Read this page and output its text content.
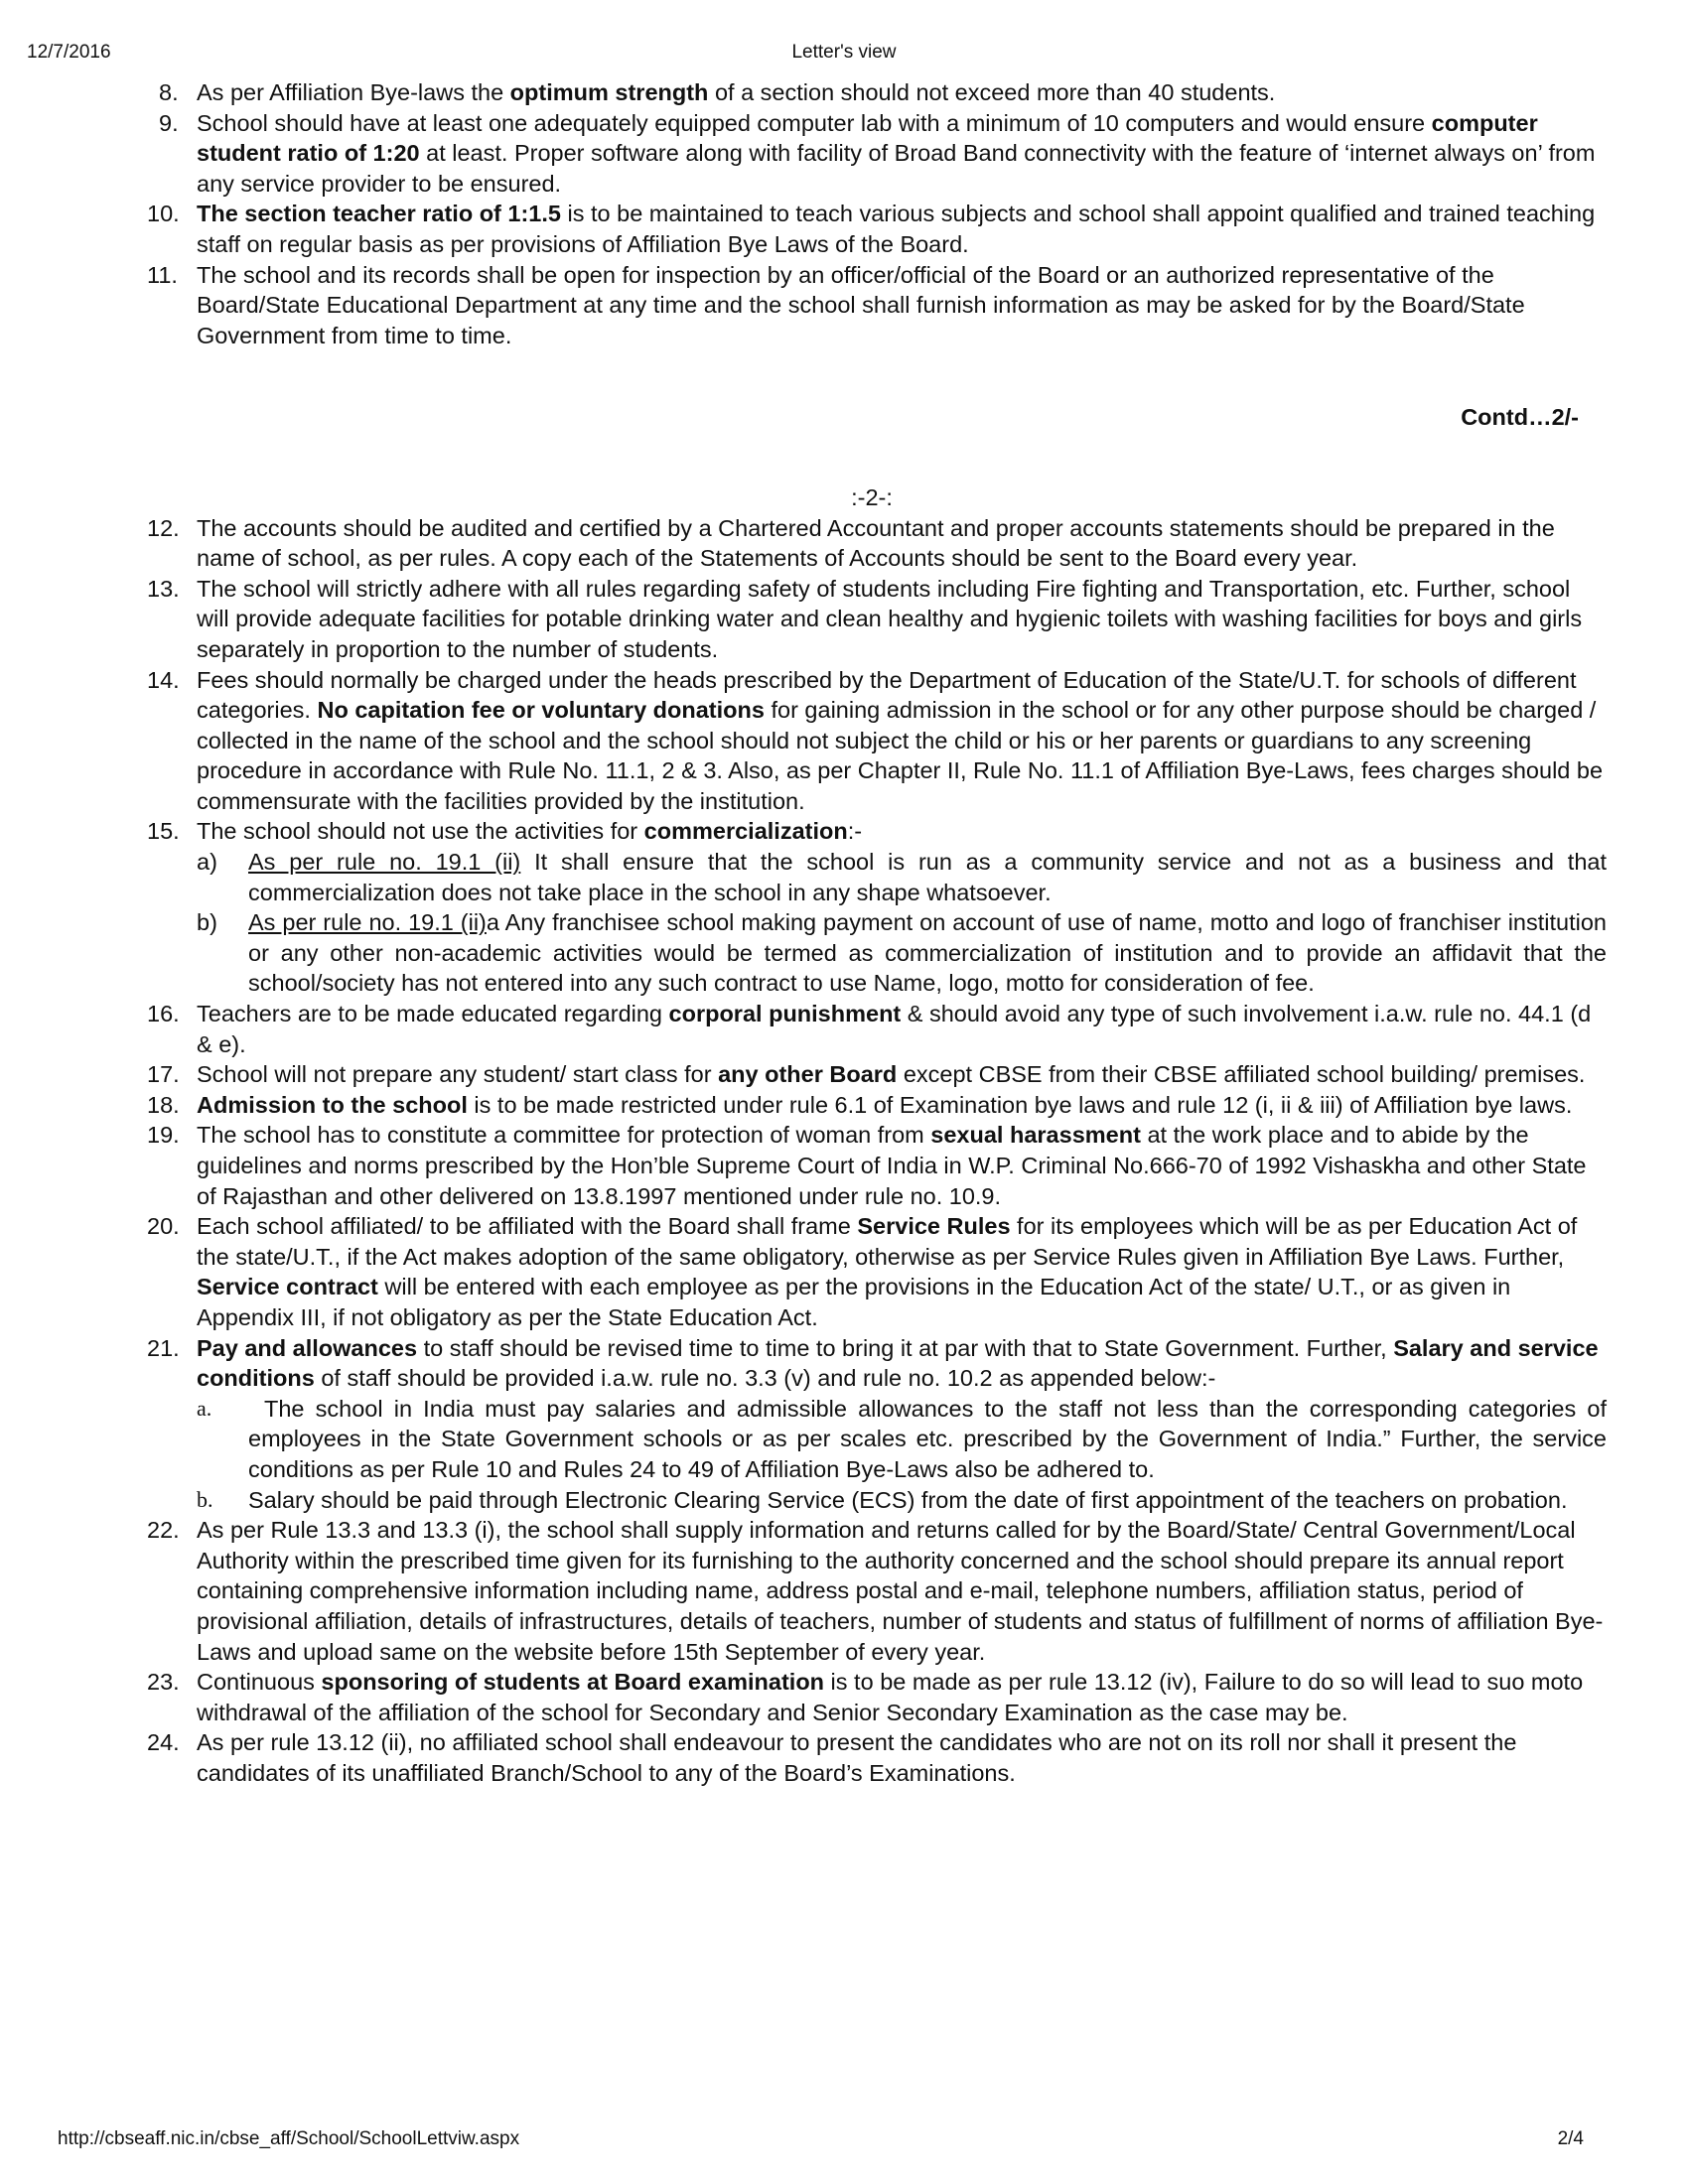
12/7/2016	Letter's view
8. As per Affiliation Bye-laws the optimum strength of a section should not exceed more than 40 students.
9. School should have at least one adequately equipped computer lab with a minimum of 10 computers and would ensure computer student ratio of 1:20 at least. Proper software along with facility of Broad Band connectivity with the feature of ‘internet always on’ from any service provider to be ensured.
10. The section teacher ratio of 1:1.5 is to be maintained to teach various subjects and school shall appoint qualified and trained teaching staff on regular basis as per provisions of Affiliation Bye Laws of the Board.
11. The school and its records shall be open for inspection by an officer/official of the Board or an authorized representative of the Board/State Educational Department at any time and the school shall furnish information as may be asked for by the Board/State Government from time to time.
Contd…2/-
:-2-:
12. The accounts should be audited and certified by a Chartered Accountant and proper accounts statements should be prepared in the name of school, as per rules. A copy each of the Statements of Accounts should be sent to the Board every year.
13. The school will strictly adhere with all rules regarding safety of students including Fire fighting and Transportation, etc. Further, school will provide adequate facilities for potable drinking water and clean healthy and hygienic toilets with washing facilities for boys and girls separately in proportion to the number of students.
14. Fees should normally be charged under the heads prescribed by the Department of Education of the State/U.T. for schools of different categories. No capitation fee or voluntary donations for gaining admission in the school or for any other purpose should be charged / collected in the name of the school and the school should not subject the child or his or her parents or guardians to any screening procedure in accordance with Rule No. 11.1, 2 & 3. Also, as per Chapter II, Rule No. 11.1 of Affiliation Bye-Laws, fees charges should be commensurate with the facilities provided by the institution.
15. The school should not use the activities for commercialization:-
a) As per rule no. 19.1 (ii) It shall ensure that the school is run as a community service and not as a business and that commercialization does not take place in the school in any shape whatsoever.
b) As per rule no. 19.1 (ii)a Any franchisee school making payment on account of use of name, motto and logo of franchiser institution or any other non-academic activities would be termed as commercialization of institution and to provide an affidavit that the school/society has not entered into any such contract to use Name, logo, motto for consideration of fee.
16. Teachers are to be made educated regarding corporal punishment & should avoid any type of such involvement i.a.w. rule no. 44.1 (d & e).
17. School will not prepare any student/ start class for any other Board except CBSE from their CBSE affiliated school building/ premises.
18. Admission to the school is to be made restricted under rule 6.1 of Examination bye laws and rule 12 (i, ii & iii) of Affiliation bye laws.
19. The school has to constitute a committee for protection of woman from sexual harassment at the work place and to abide by the guidelines and norms prescribed by the Hon’ble Supreme Court of India in W.P. Criminal No.666-70 of 1992 Vishaskha and other State of Rajasthan and other delivered on 13.8.1997 mentioned under rule no. 10.9.
20. Each school affiliated/ to be affiliated with the Board shall frame Service Rules for its employees which will be as per Education Act of the state/U.T., if the Act makes adoption of the same obligatory, otherwise as per Service Rules given in Affiliation Bye Laws. Further, Service contract will be entered with each employee as per the provisions in the Education Act of the state/ U.T., or as given in Appendix III, if not obligatory as per the State Education Act.
21. Pay and allowances to staff should be revised time to time to bring it at par with that to State Government. Further, Salary and service conditions of staff should be provided i.a.w. rule no. 3.3 (v) and rule no. 10.2 as appended below:-
a. The school in India must pay salaries and admissible allowances to the staff not less than the corresponding categories of employees in the State Government schools or as per scales etc. prescribed by the Government of India.” Further, the service conditions as per Rule 10 and Rules 24 to 49 of Affiliation Bye-Laws also be adhered to.
b. Salary should be paid through Electronic Clearing Service (ECS) from the date of first appointment of the teachers on probation.
22. As per Rule 13.3 and 13.3 (i), the school shall supply information and returns called for by the Board/State/ Central Government/Local Authority within the prescribed time given for its furnishing to the authority concerned and the school should prepare its annual report containing comprehensive information including name, address postal and e-mail, telephone numbers, affiliation status, period of provisional affiliation, details of infrastructures, details of teachers, number of students and status of fulfillment of norms of affiliation Bye-Laws and upload same on the website before 15th September of every year.
23. Continuous sponsoring of students at Board examination is to be made as per rule 13.12 (iv), Failure to do so will lead to suo moto withdrawal of the affiliation of the school for Secondary and Senior Secondary Examination as the case may be.
24. As per rule 13.12 (ii), no affiliated school shall endeavour to present the candidates who are not on its roll nor shall it present the candidates of its unaffiliated Branch/School to any of the Board’s Examinations.
http://cbseaff.nic.in/cbse_aff/School/SchoolLettviw.aspx	2/4
